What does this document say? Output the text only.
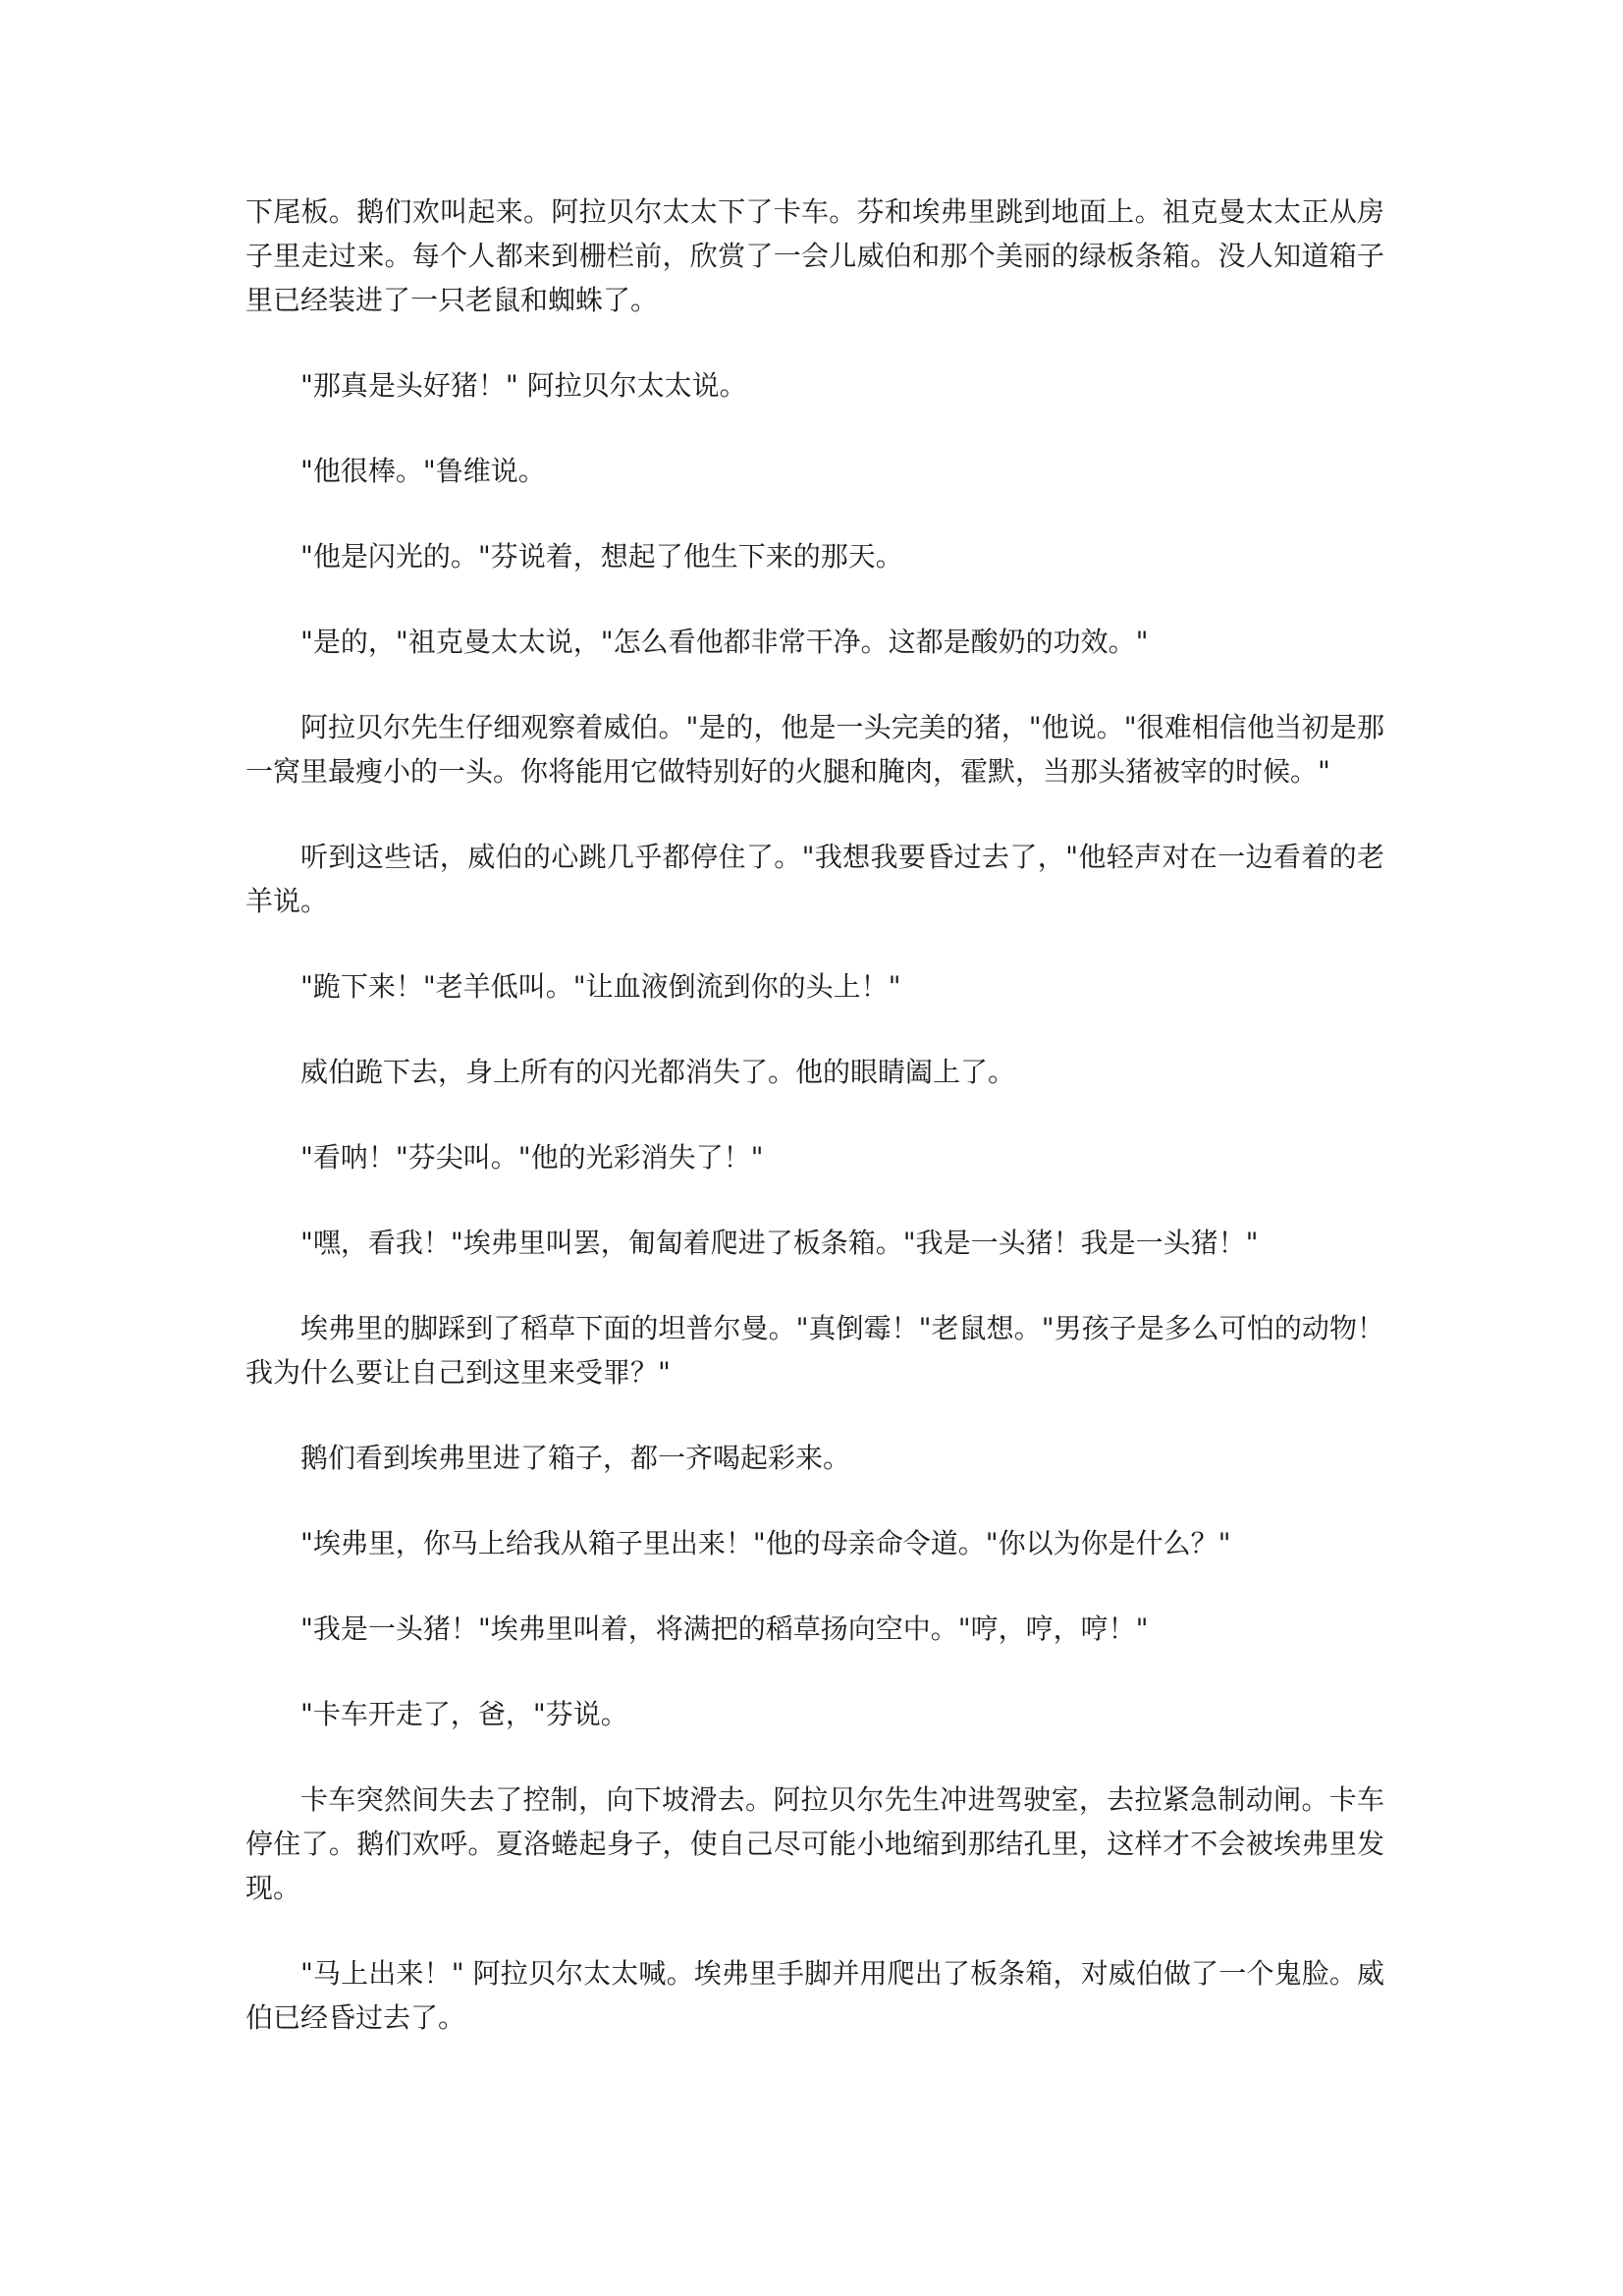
下尾板。鹅们欢叫起来。阿拉贝尔太太下了卡车。芬和埃弗里跳到地面上。祖克曼太太正从房子里走过来。每个人都来到栅栏前，欣赏了一会儿威伯和那个美丽的绿板条箱。没人知道箱子里已经装进了一只老鼠和蜘蛛了。

"那真是头好猪！" 阿拉贝尔太太说。

"他很棒。"鲁维说。

"他是闪光的。"芬说着，想起了他生下来的那天。

"是的，"祖克曼太太说，"怎么看他都非常干净。这都是酸奶的功效。"

阿拉贝尔先生仔细观察着威伯。"是的，他是一头完美的猪，"他说。"很难相信他当初是那一窝里最瘦小的一头。你将能用它做特别好的火腿和腌肉，霍默，当那头猪被宰的时候。"

听到这些话，威伯的心跳几乎都停住了。"我想我要昏过去了，"他轻声对在一边看着的老羊说。

"跪下来！"老羊低叫。"让血液倒流到你的头上！"

威伯跪下去，身上所有的闪光都消失了。他的眼睛阖上了。

"看呐！"芬尖叫。"他的光彩消失了！"

"嘿，看我！"埃弗里叫罢，匍匐着爬进了板条箱。"我是一头猪！我是一头猪！"

埃弗里的脚踩到了稻草下面的坦普尔曼。"真倒霉！"老鼠想。"男孩子是多么可怕的动物！我为什么要让自己到这里来受罪？"

鹅们看到埃弗里进了箱子，都一齐喝起彩来。

"埃弗里，你马上给我从箱子里出来！"他的母亲命令道。"你以为你是什么？"

"我是一头猪！"埃弗里叫着，将满把的稻草扬向空中。"哼，哼，哼！"

"卡车开走了，爸，"芬说。

卡车突然间失去了控制，向下坡滑去。阿拉贝尔先生冲进驾驶室，去拉紧急制动闸。卡车停住了。鹅们欢呼。夏洛蜷起身子，使自己尽可能小地缩到那结孔里，这样才不会被埃弗里发现。

"马上出来！" 阿拉贝尔太太喊。埃弗里手脚并用爬出了板条箱，对威伯做了一个鬼脸。威伯已经昏过去了。
